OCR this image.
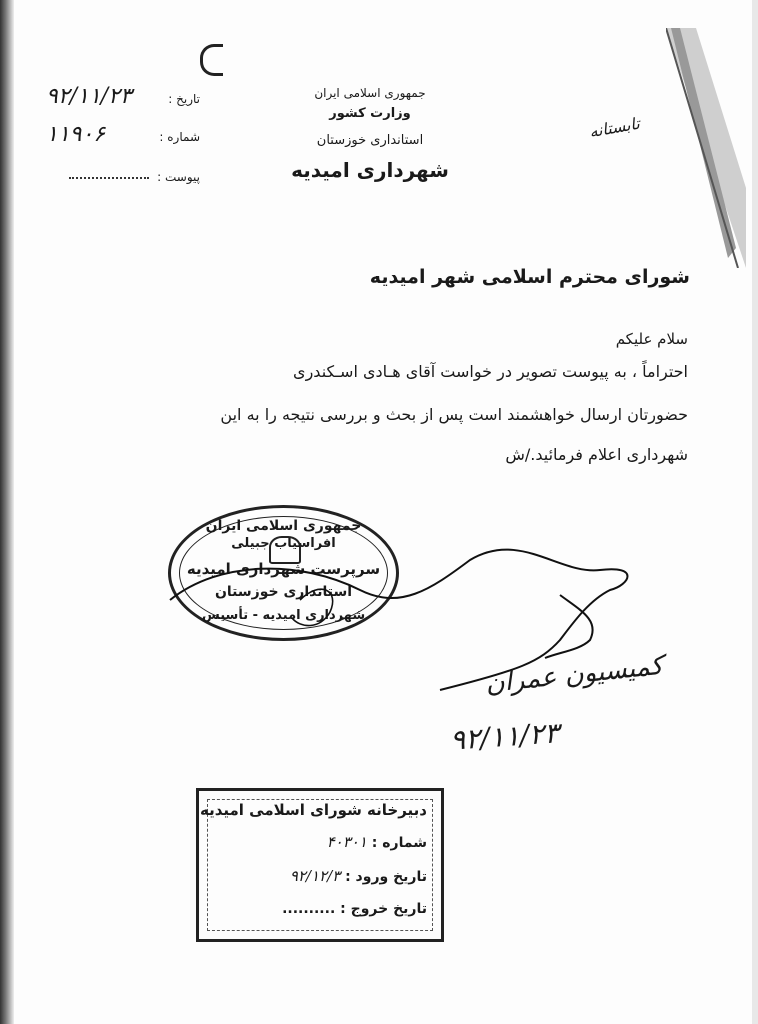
جمهوری اسلامی ایران
وزارت کشور
استانداری خوزستان
شهرداری امیدیه
تاریخ :
۹۲/۱۱/۲۳
شماره :
۱۱۹۰۶
پیوست :
تابستانه
شورای محترم اسلامی شهر امیدیه
سلام علیکم
احتراماً ، به پیوست تصویر در خواست آقای هـادی اسـکندری
حضورتان ارسال خواهشمند است پس از بحث و بررسی نتیجه را به این
شهرداری اعلام فرمائید./ش
جمهوری اسلامی ایران
افراسیاب جبیلی
سرپرست شهرداری امیدیه
استانداری خوزستان
شهرداری امیدیه - تأسیس
کمیسیون عمران
۹۲/۱۱/۲۳
دبیرخانه شورای اسلامی امیدیه
شماره : ۴۰۳۰۱
تاریخ ورود : ۹۲/۱۲/۳
تاریخ خروج : ..........
